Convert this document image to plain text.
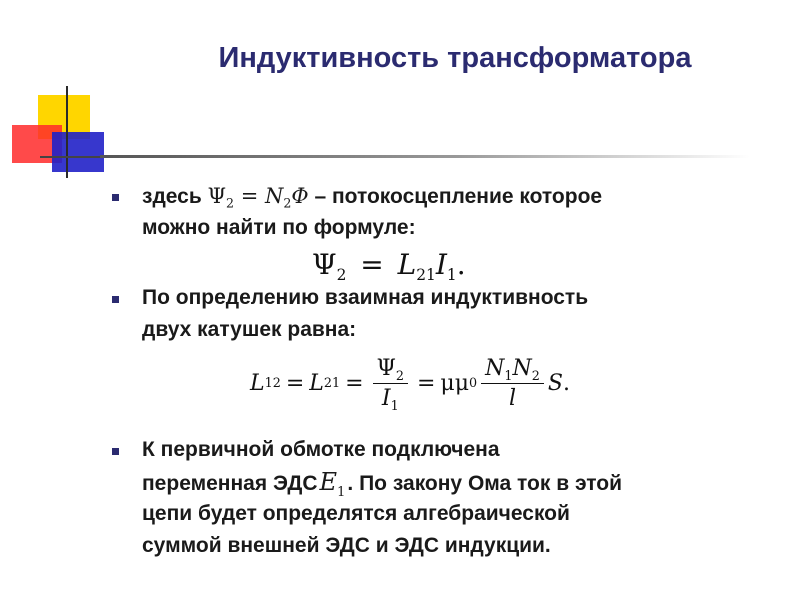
Индуктивность трансформатора

здесь $\Psi_2 = N_2\Phi$ – потокосцепление которое

можно найти по формуле:

$\Psi_2 = L_{21}I_1$.

По определению взаимная индуктивность

двух катушек равна:

L 12 = L $21 = \frac{\Psi_2}{I_1} = \mu\mu$ $0 \frac{N_1N_2}{l}$ S .

К первичной обмотке подключена

переменная $ЭДСE_1$. По закону Ома ток в этой

цепи будет определятся алгебраической

суммой внешней ЭДС и ЭДС индукции.
